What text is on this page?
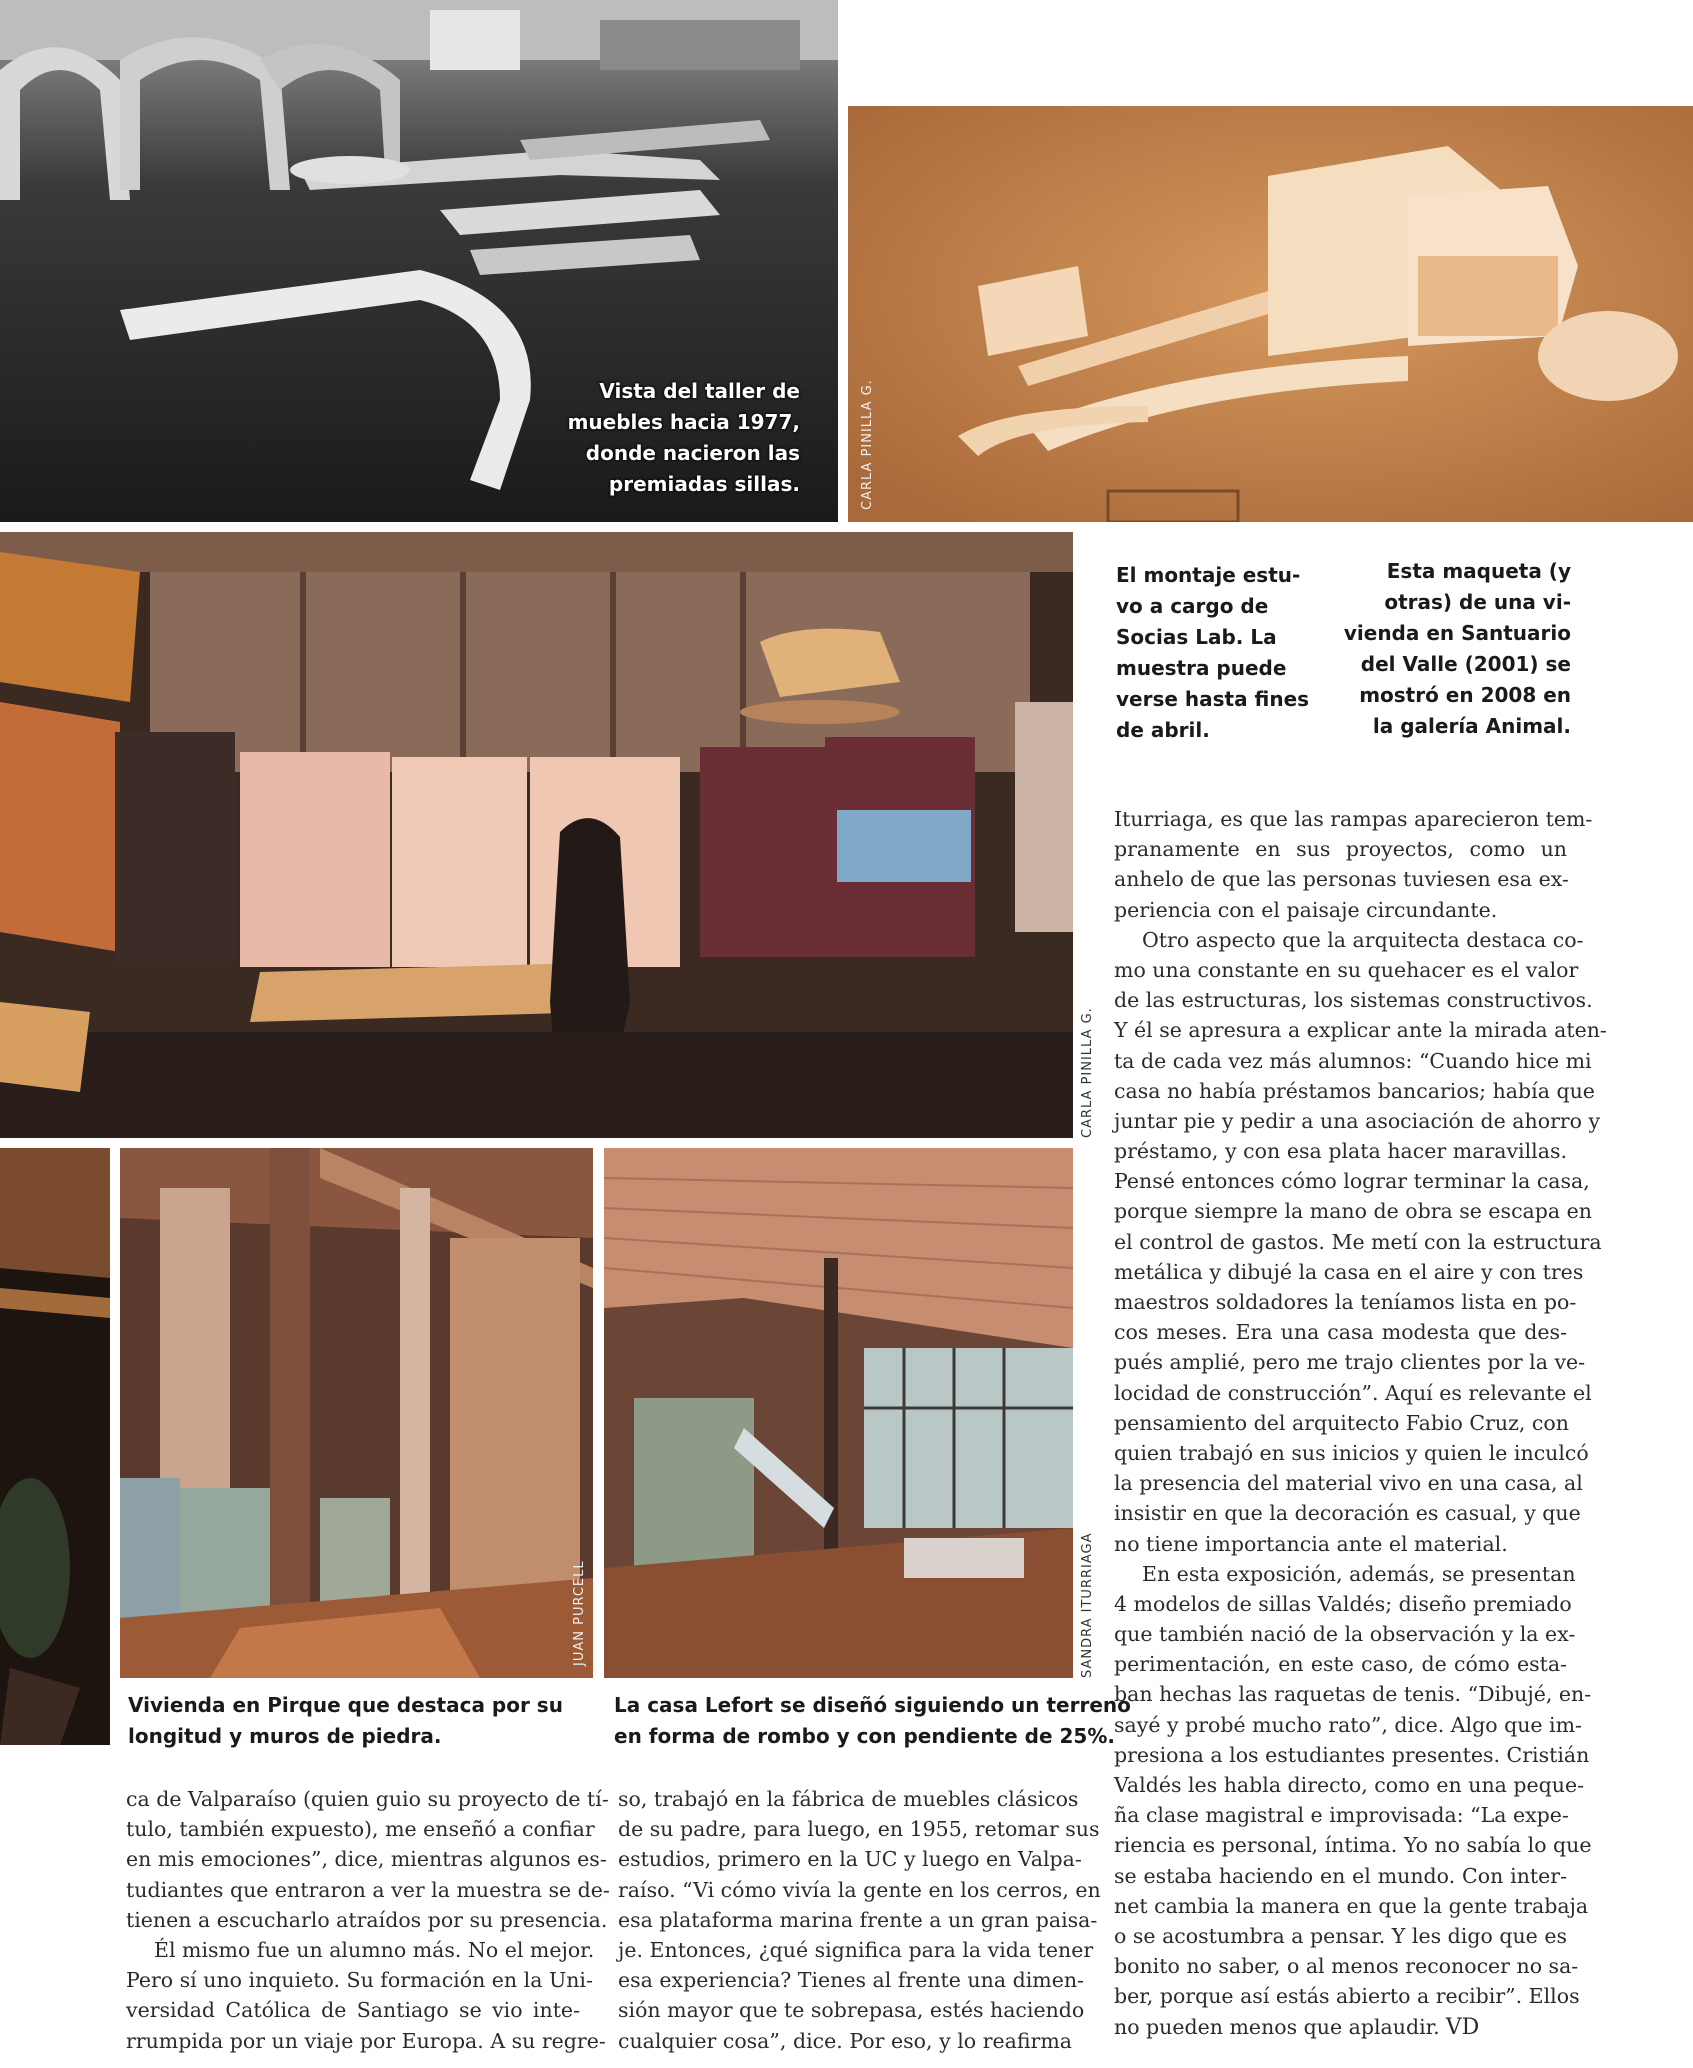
Vista del taller de
muebles hacia 1977,
donde nacieron las
premiadas sillas.	CARLA PINILLA G.
CARLA PINILLA G.
JUAN PURCELL	SANDRA ITURRIAGA
El montaje estu-
vo a cargo de
Socias Lab. La
muestra puede
verse hasta fines
de abril.
Esta maqueta (y
otras) de una vi-
vienda en Santuario
del Valle (2001) se
mostró en 2008 en
la galería Animal.
Vivienda en Pirque que destaca por su
longitud y muros de piedra.
La casa Lefort se diseñó siguiendo un terreno
en forma de rombo y con pendiente de 25%.
ca de Valparaíso (quien guio su proyecto de tí-
tulo, también expuesto), me enseñó a confiar
en mis emociones”, dice, mientras algunos es-
tudiantes que entraron a ver la muestra se de-
tienen a escucharlo atraídos por su presencia.
Él mismo fue un alumno más. No el mejor.
Pero sí uno inquieto. Su formación en la Uni-
versidad Católica de Santiago se vio inte-
rrumpida por un viaje por Europa. A su regre-
so, trabajó en la fábrica de muebles clásicos
de su padre, para luego, en 1955, retomar sus
estudios, primero en la UC y luego en Valpa-
raíso. “Vi cómo vivía la gente en los cerros, en
esa plataforma marina frente a un gran paisa-
je. Entonces, ¿qué significa para la vida tener
esa experiencia? Tienes al frente una dimen-
sión mayor que te sobrepasa, estés haciendo
cualquier cosa”, dice. Por eso, y lo reafirma
Iturriaga, es que las rampas aparecieron tem-
pranamente en sus proyectos, como un
anhelo de que las personas tuviesen esa ex-
periencia con el paisaje circundante.
Otro aspecto que la arquitecta destaca co-
mo una constante en su quehacer es el valor
de las estructuras, los sistemas constructivos.
Y él se apresura a explicar ante la mirada aten-
ta de cada vez más alumnos: “Cuando hice mi
casa no había préstamos bancarios; había que
juntar pie y pedir a una asociación de ahorro y
préstamo, y con esa plata hacer maravillas.
Pensé entonces cómo lograr terminar la casa,
porque siempre la mano de obra se escapa en
el control de gastos. Me metí con la estructura
metálica y dibujé la casa en el aire y con tres
maestros soldadores la teníamos lista en po-
cos meses. Era una casa modesta que des-
pués amplié, pero me trajo clientes por la ve-
locidad de construcción”. Aquí es relevante el
pensamiento del arquitecto Fabio Cruz, con
quien trabajó en sus inicios y quien le inculcó
la presencia del material vivo en una casa, al
insistir en que la decoración es casual, y que
no tiene importancia ante el material.
En esta exposición, además, se presentan
4 modelos de sillas Valdés; diseño premiado
que también nació de la observación y la ex-
perimentación, en este caso, de cómo esta-
ban hechas las raquetas de tenis. “Dibujé, en-
sayé y probé mucho rato”, dice. Algo que im-
presiona a los estudiantes presentes. Cristián
Valdés les habla directo, como en una peque-
ña clase magistral e improvisada: “La expe-
riencia es personal, íntima. Yo no sabía lo que
se estaba haciendo en el mundo. Con inter-
net cambia la manera en que la gente trabaja
o se acostumbra a pensar. Y les digo que es
bonito no saber, o al menos reconocer no sa-
ber, porque así estás abierto a recibir”. Ellos
no pueden menos que aplaudir. VD
